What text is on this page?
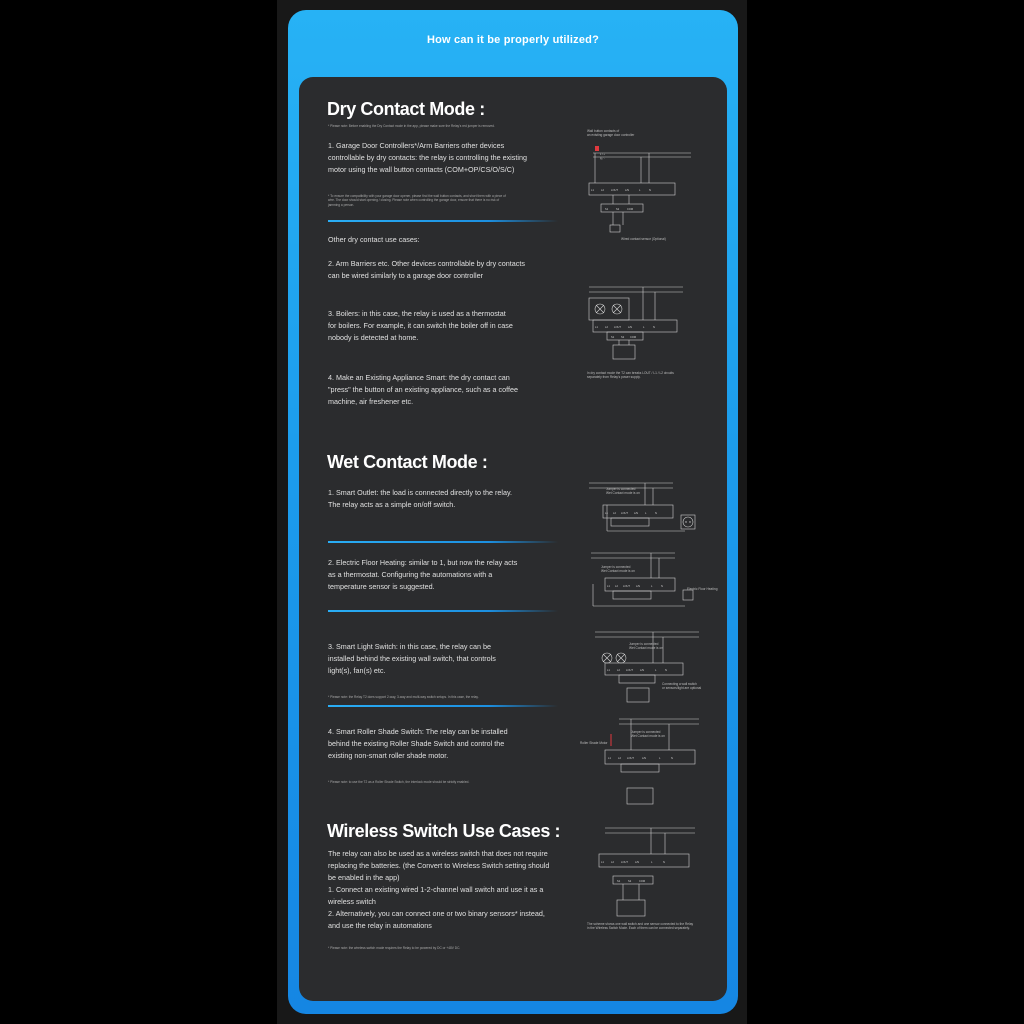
How can it be properly utilized?
Dry Contact Mode :

* Please note: Before enabling the Dry Contact mode in the app, please make sure the Relay's red jumper is removed.

1. Garage Door Controllers*/Arm Barriers other devices controllable by dry contacts: the relay is controlling the existing motor using the wall button contacts (COM+OP/CS/O/S/C)

* To ensure the compatibility with your garage door opener, please find the wall button contacts, and short them with a piece of wire. The door should start opening / closing. Please note when controlling the garage door, ensure that there is no risk of jamming a person.

Other dry contact use cases:

2. Arm Barriers etc. Other devices controllable by dry contacts can be wired similarly to a garage door controller

3. Boilers: in this case, the relay is used as a thermostat for boilers. For example, it can switch the boiler off in case nobody is detected at home.

4. Make an Existing Appliance Smart: the dry contact can "press" the button of an existing appliance, such as a coffee machine, air freshener etc.

Wall button contacts of
an existing garage door controller
L / +
N / -
L1	L2	LOUT	L/N	L	N
S1	S2	COM
Wired contact sensor (Optional)
L1	L2 LOUT	L/N	L	N
S1	S2 COM
In dry contact mode the T2 can breaks LOUT / L1 / L2 circuits
separately from Relay's power supply.
Wet Contact Mode :

1. Smart Outlet: the load is connected directly to the relay. The relay acts as a simple on/off switch.

2. Electric Floor Heating: similar to 1, but now the relay acts as a thermostat. Configuring the automations with a temperature sensor is suggested.

3. Smart Light Switch: in this case, the relay can be installed behind the existing wall switch, that controls light(s), fan(s) etc.

* Please note: the Relay T2 does support 2-way, 3-way and multi-way switch setups. In this case, the relay.

4. Smart Roller Shade Switch: The relay can be installed behind the existing Roller Shade Switch and control the existing non-smart roller shade motor.

* Please note: to use the T2 as a Roller Shade Switch, the interlock mode should be strictly enabled.

L1 L2 LOUT L/N	L	N
Jumper is connected
Wet Contact mode is on
L1 L2 LOUT L/N	L	N
Jumper is connected
Wet Contact mode is on
Electric Floor Heating
L1	L2 LOUT	L/N	L	N
Jumper is connected
Wet Contact mode is on
Connecting a wall switch
or sensors/light are optional
L1	L2 LOUT	L/N	L	N
Jumper is connected
Wet Contact mode is on
Roller Shade Motor
Wireless Switch Use Cases :

The relay can also be used as a wireless switch that does not require replacing the batteries. (the Convert to Wireless Switch setting should be enabled in the app)
1. Connect an existing wired 1-2-channel wall switch and use it as a wireless switch
2. Alternatively, you can connect one or two binary sensors* instead, and use the relay in automations

* Please note: the wireless switch mode requires the Relay to be powered by DC or +48V DC.

L1	L2	LOUT	L/N	L	N
S1	S2	COM
The scheme shows one wall switch and one sensor connected to the Relay
in the Wireless Switch Mode. Each of them can be connected separately.
